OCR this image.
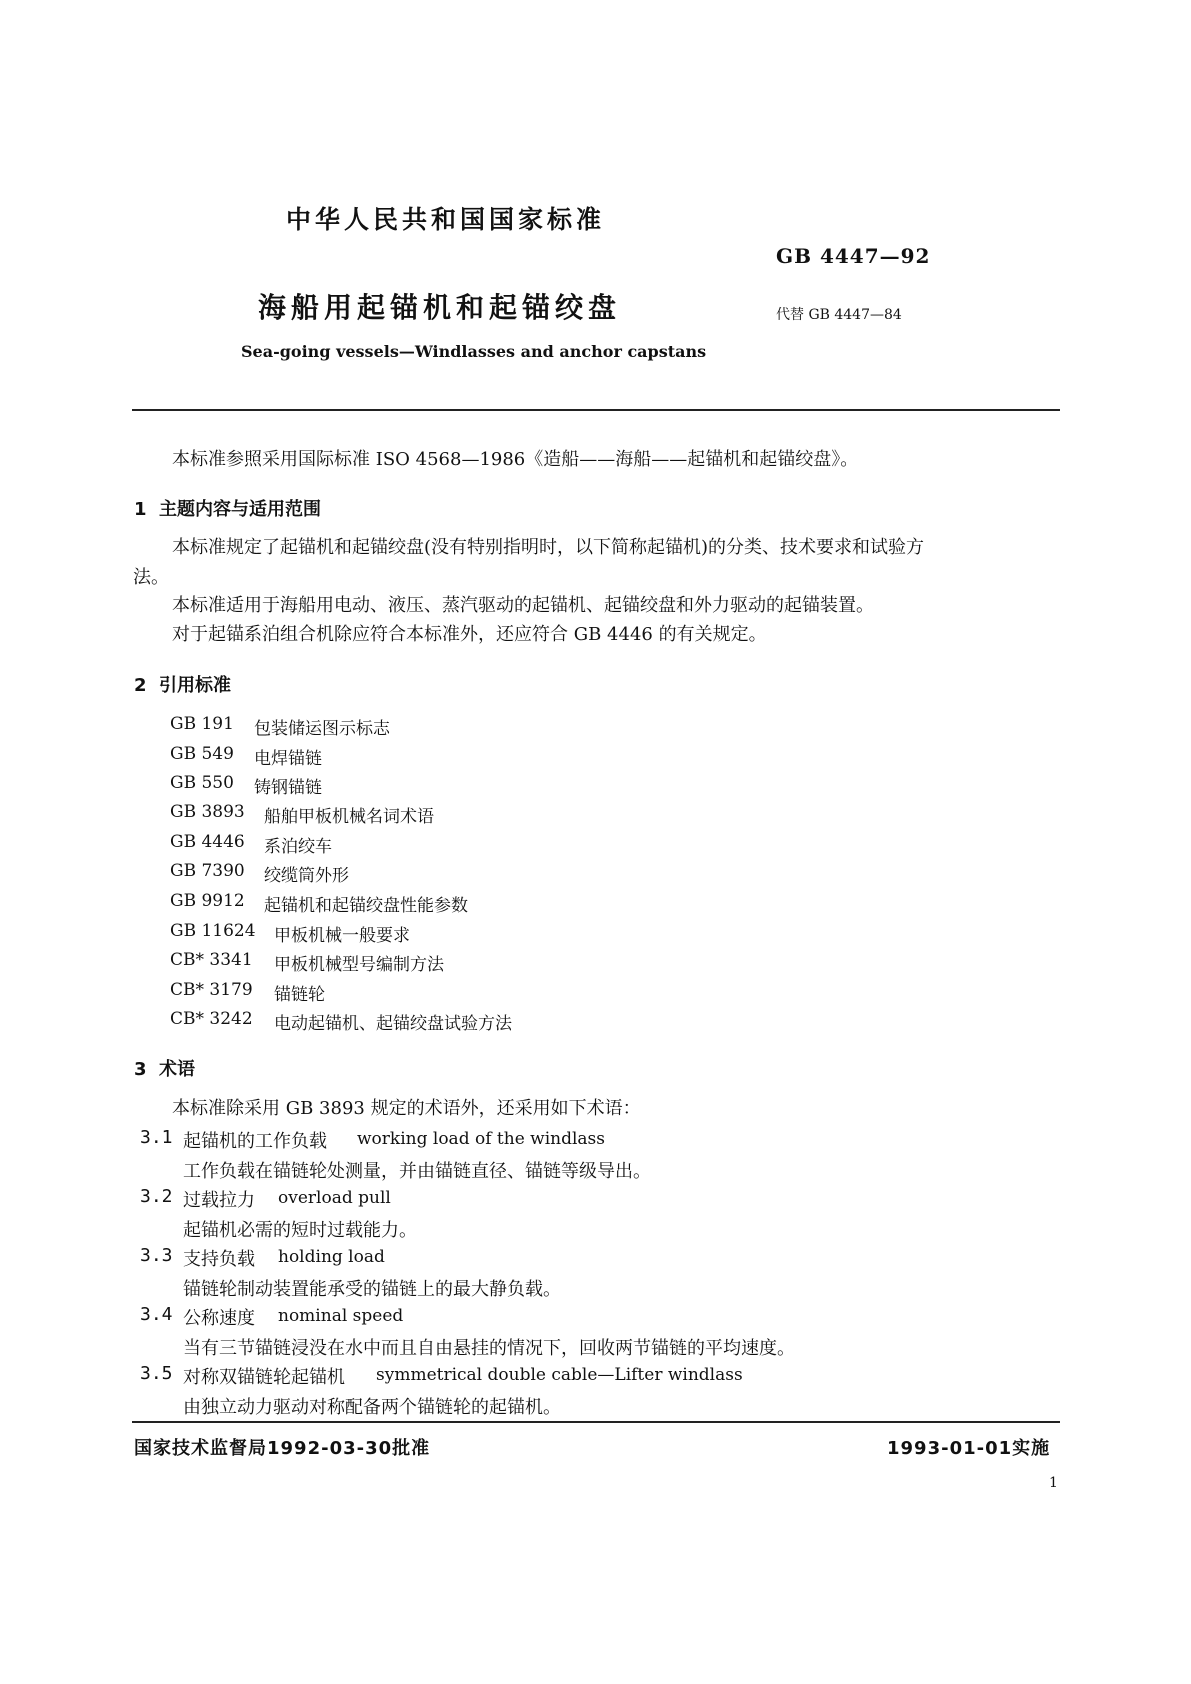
中华人民共和国国家标准
GB 4447—92
海船用起锚机和起锚绞盘	代替 GB 4447—84
Sea-going vessels—Windlasses and anchor capstans
本标准参照采用国际标准 ISO 4568—1986《造船——海船——起锚机和起锚绞盘》。
1  主题内容与适用范围
本标准规定了起锚机和起锚绞盘(没有特别指明时，以下简称起锚机)的分类、技术要求和试验方
法。
本标准适用于海船用电动、液压、蒸汽驱动的起锚机、起锚绞盘和外力驱动的起锚装置。
对于起锚系泊组合机除应符合本标准外，还应符合 GB 4446 的有关规定。
2  引用标准
GB 191 包装储运图示标志
GB 549 电焊锚链
GB 550 铸钢锚链
GB 3893 船舶甲板机械名词术语
GB 4446 系泊绞车
GB 7390 绞缆筒外形
GB 9912 起锚机和起锚绞盘性能参数
GB 11624 甲板机械一般要求
CB* 3341 甲板机械型号编制方法
CB* 3179 锚链轮
CB* 3242 电动起锚机、起锚绞盘试验方法
3  术语
本标准除采用 GB 3893 规定的术语外，还采用如下术语：
3.1 起锚机的工作负载 working load of the windlass
工作负载在锚链轮处测量，并由锚链直径、锚链等级导出。
3.2 过载拉力 overload pull
起锚机必需的短时过载能力。
3.3 支持负载 holding load
锚链轮制动装置能承受的锚链上的最大静负载。
3.4 公称速度 nominal speed
当有三节锚链浸没在水中而且自由悬挂的情况下，回收两节锚链的平均速度。
3.5 对称双锚链轮起锚机 symmetrical double cable—Lifter windlass
由独立动力驱动对称配备两个锚链轮的起锚机。
国家技术监督局1992-03-30批准	1993-01-01实施
1
